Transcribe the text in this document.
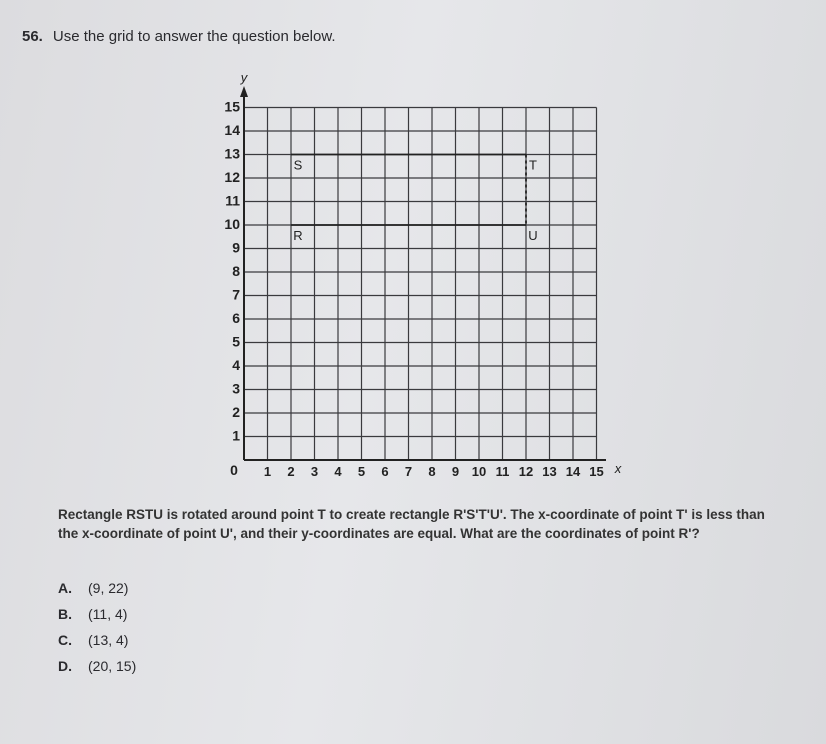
56. Use the grid to answer the question below.
y
x
0 1 2 3 4 5 6 7 8 9 10 11 12 13 14 15
1
2
3
4
5
6
7
8
9
10
11
12
13
14
15
S	T
R	U
Rectangle RSTU is rotated around point T to create rectangle R'S'T'U'. The x-coordinate of point T' is less than the x-coordinate of point U', and their y-coordinates are equal. What are the coordinates of point R'?
A.	(9, 22)
B.	(11, 4)
C.	(13, 4)
D.	(20, 15)
